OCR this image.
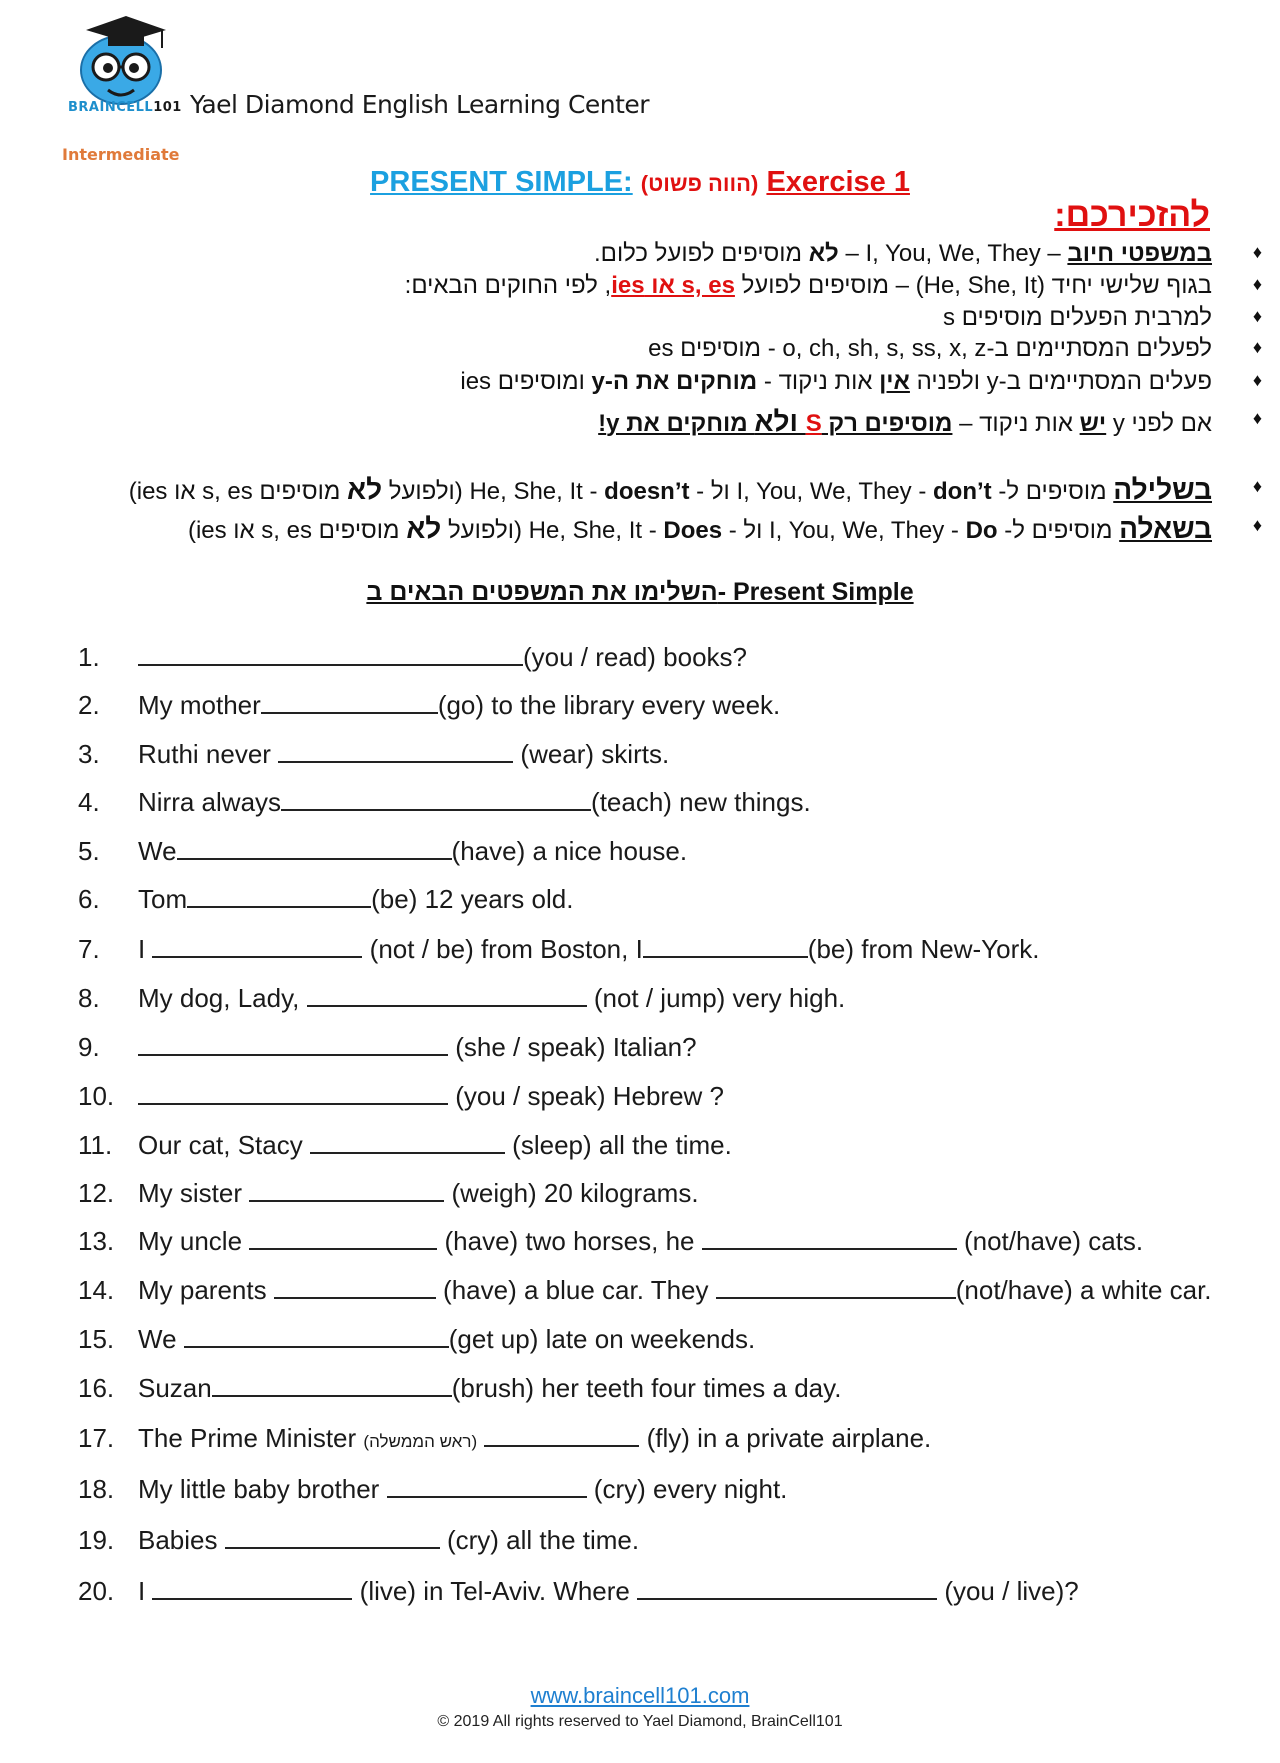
BRAINCELL101 Yael Diamond English Learning Center
Intermediate
PRESENT SIMPLE: (הווה פשוט) Exercise 1
להזכירכם:
♦
במשפטי חיוב – I, You, We, They – לא מוסיפים לפועל כלום.
♦
בגוף שלישי יחיד (He, She, It) – מוסיפים לפועל s, es או ies, לפי החוקים הבאים:
♦
למרבית הפעלים מוסיפים s
♦
לפעלים המסתיימים ב-o, ch, sh, s, ss, x, z - מוסיפים es
♦
פעלים המסתיימים ב-y ולפניה אין אות ניקוד - מוחקים את ה-y ומוסיפים ies
♦
אם לפני y יש אות ניקוד – מוסיפים רק S ולא מוחקים את y!
♦
בשלילה מוסיפים ל- I, You, We, They - don’t ול - He, She, It - doesn’t (ולפועל לא מוסיפים s, es או ies)
♦
בשאלה מוסיפים ל- I, You, We, They - Do ול - He, She, It - Does (ולפועל לא מוסיפים s, es או ies)
השלימו את המשפטים הבאים ב- Present Simple
1.	(you / read) books?
2. My mother	(go) to the library every week.
3. Ruthi never	(wear) skirts.
4. Nirra always	(teach) new things.
5. We	(have) a nice house.
6. Tom	(be) 12 years old.
7. I	(not / be) from Boston, I	(be) from New-York.
8. My dog, Lady,	(not / jump) very high.
9.	(she / speak) Italian?
10.	(you / speak) Hebrew ?
11. Our cat, Stacy	(sleep) all the time.
12. My sister	(weigh) 20 kilograms.
13. My uncle	(have) two horses, he	(not/have) cats.
14. My parents	(have) a blue car. They	(not/have) a white car.
15. We	(get up) late on weekends.
16. Suzan	(brush) her teeth four times a day.
17. The Prime Minister (ראש הממשלה)	(fly) in a private airplane.
18. My little baby brother	(cry) every night.
19. Babies	(cry) all the time.
20. I	(live) in Tel-Aviv. Where	(you / live)?
www.braincell101.com
© 2019 All rights reserved to Yael Diamond, BrainCell101
